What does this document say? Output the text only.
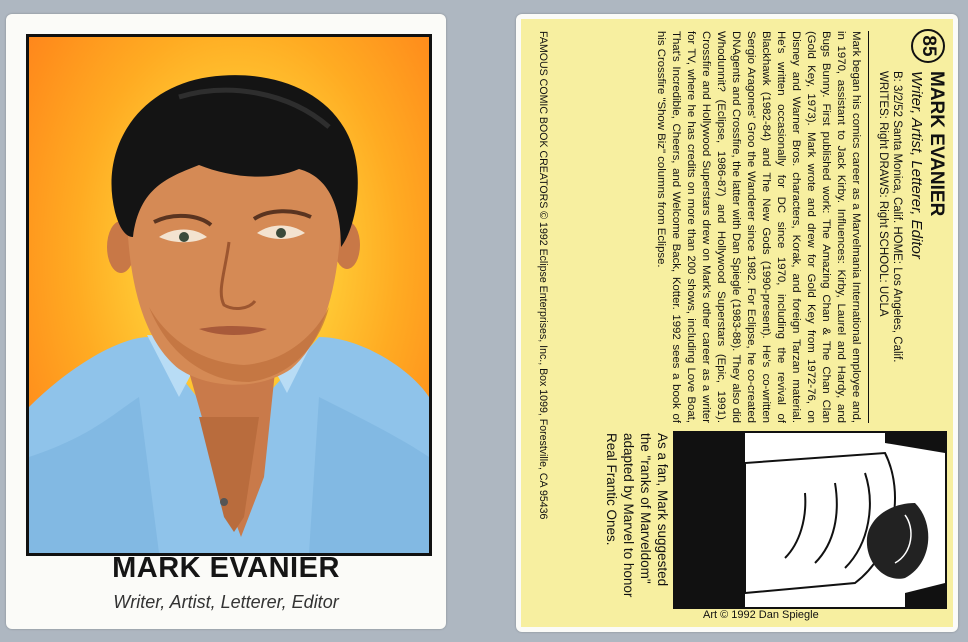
MARK EVANIER
Writer, Artist, Letterer, Editor
85
MARK EVANIER
Writer, Artist, Letterer, Editor
B: 3/2/52 Santa Monica, Calif. HOME: Los Angeles, Calif.
WRITES: Right DRAWS: Right SCHOOL: UCLA
Mark began his comics career as a Marvelmania International employee and, in 1970, assistant to Jack Kirby. Influences: Kirby, Laurel and Hardy, and Bugs Bunny. First published work: The Amazing Chan & The Chan Clan (Gold Key, 1973). Mark wrote and drew for Gold Key from 1972-76, on Disney and Warner Bros. characters, Korak, and foreign Tarzan material. He's written occasionally for DC since 1970, including the revival of Blackhawk (1982-84) and The New Gods (1990-present). He's co-written Sergio Aragones' Groo the Wanderer since 1982. For Eclipse, he co-created DNAgents and Crossfire, the latter with Dan Spiegle (1983-88). They also did Whodunnit? (Eclipse, 1986-87) and Hollywood Superstars (Epic, 1991). Crossfire and Hollywood Superstars drew on Mark's other career as a writer for TV, where he has credits on more than 200 shows, including Love Boat, That's Incredible, Cheers, and Welcome Back, Kotter. 1992 sees a book of his Crossfire "Show Biz" columns from Eclipse.
FAMOUS COMIC BOOK CREATORS © 1992 Eclipse Enterprises, Inc., Box 1099, Forestville, CA 95436	As a fan, Mark suggested the "ranks of Marveldom" adapted by Marvel to honor Real Frantic Ones.
Art © 1992 Dan Spiegle
